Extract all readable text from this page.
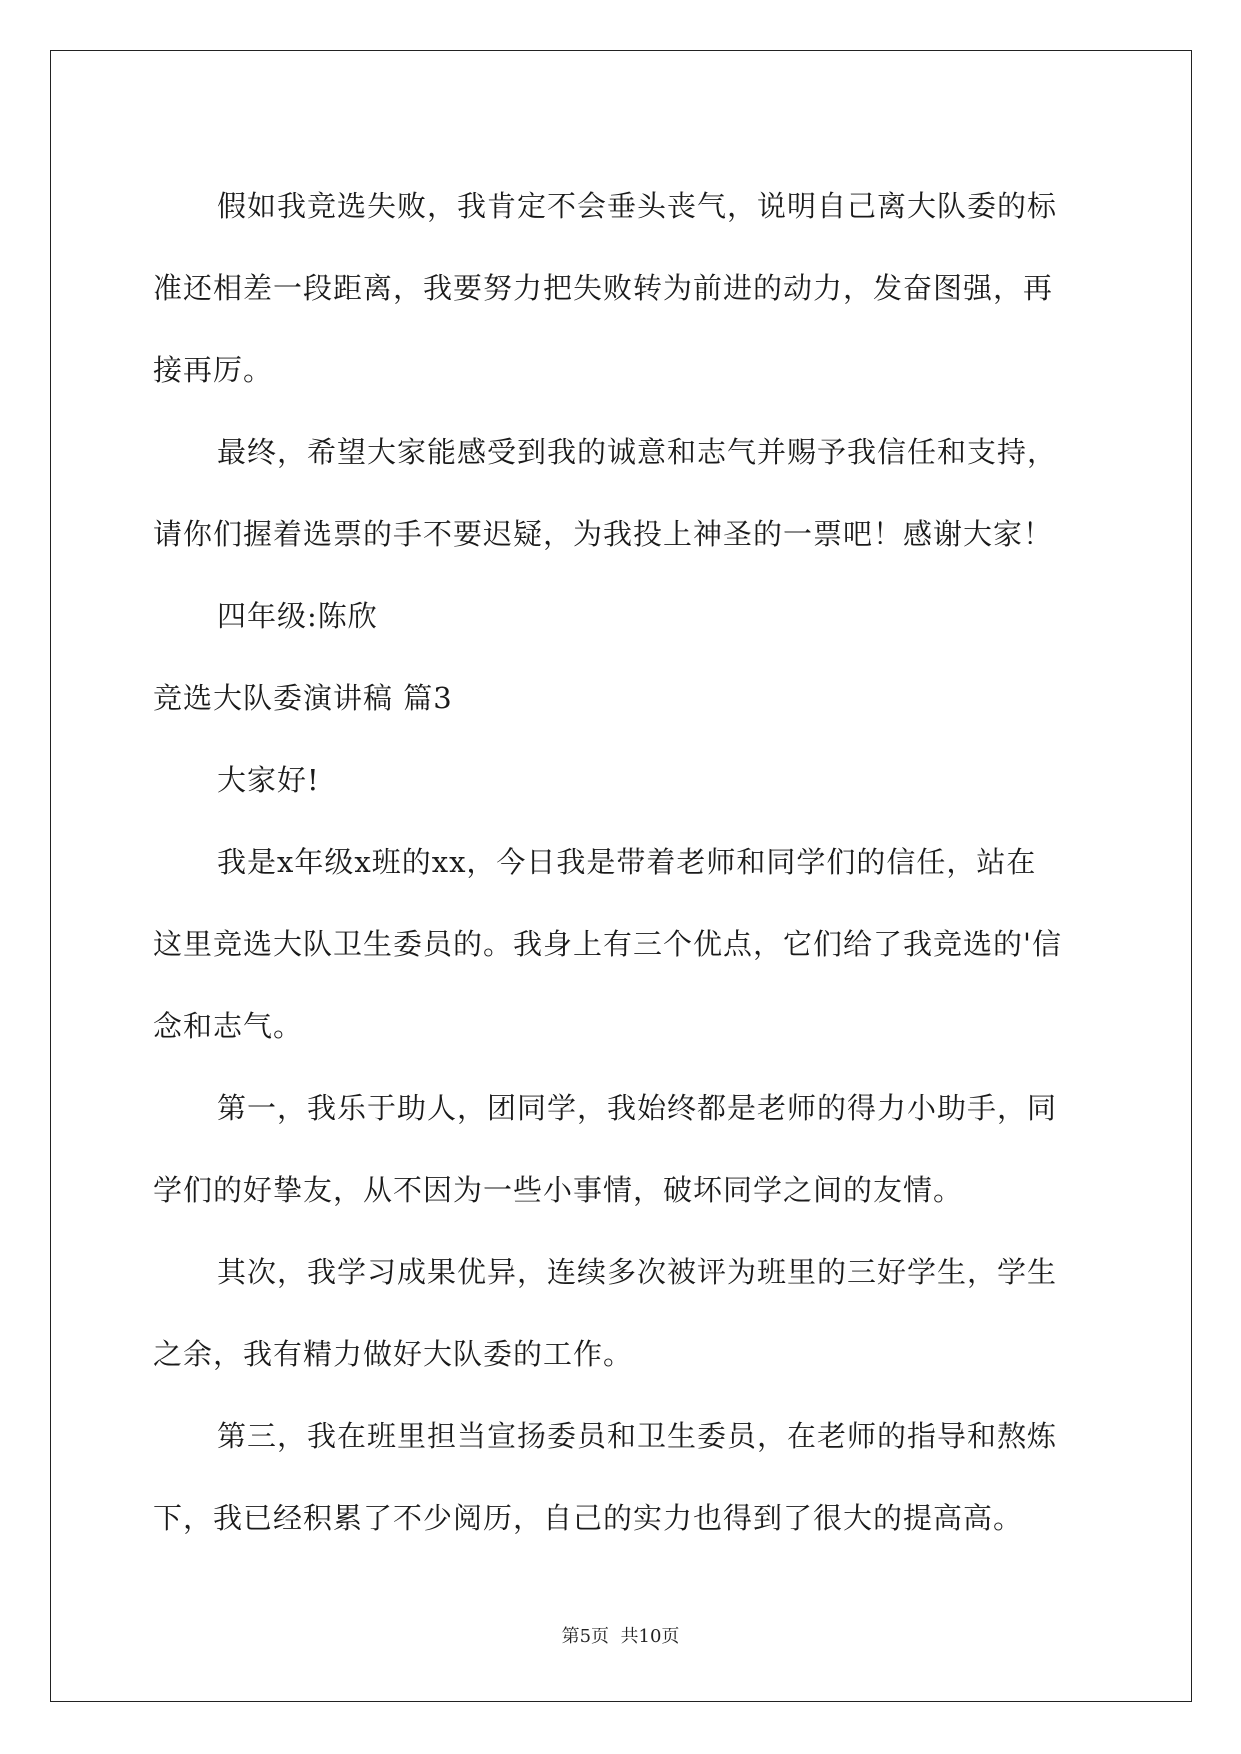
假如我竞选失败，我肯定不会垂头丧气，说明自己离大队委的标
准还相差一段距离，我要努力把失败转为前进的动力，发奋图强，再
接再厉。
最终，希望大家能感受到我的诚意和志气并赐予我信任和支持，
请你们握着选票的手不要迟疑，为我投上神圣的一票吧！感谢大家！
四年级:陈欣
竞选大队委演讲稿 篇3
大家好!
我是x年级x班的xx，今日我是带着老师和同学们的信任，站在
这里竞选大队卫生委员的。我身上有三个优点，它们给了我竞选的'信
念和志气。
第一，我乐于助人，团同学，我始终都是老师的得力小助手，同
学们的好挚友，从不因为一些小事情，破坏同学之间的友情。
其次，我学习成果优异，连续多次被评为班里的三好学生，学生
之余，我有精力做好大队委的工作。
第三，我在班里担当宣扬委员和卫生委员，在老师的指导和熬炼
下，我已经积累了不少阅历，自己的实力也得到了很大的提高高。
第5页  共10页
